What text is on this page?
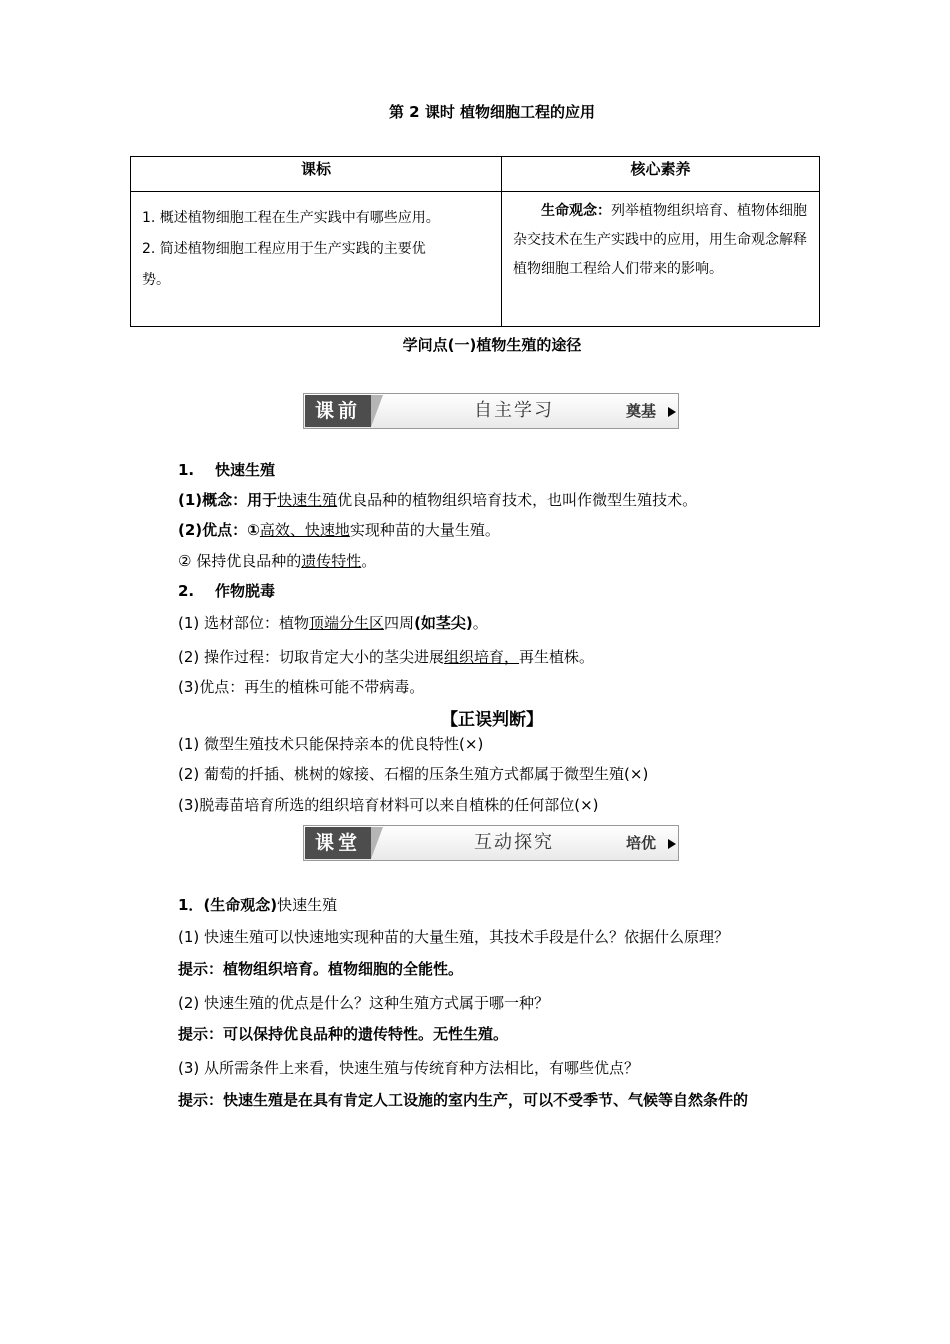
第 2 课时 植物细胞工程的应用
课标	核心素养

1. 概述植物细胞工程在生产实践中有哪些应用。
2. 简述植物细胞工程应用于生产实践的主要优
势。	生命观念：列举植物组织培育、植物体细胞杂交技术在生产实践中的应用，用生命观念解释植物细胞工程给人们带来的影响。
学问点(一)植物生殖的途径
课前	自主学习	奠基
1. 快速生殖
(1)概念：用于快速生殖优良品种的植物组织培育技术，也叫作微型生殖技术。
(2)优点：①高效、快速地实现种苗的大量生殖。
② 保持优良品种的遗传特性。
2. 作物脱毒
(1) 选材部位：植物顶端分生区四周(如茎尖)。
(2) 操作过程：切取肯定大小的茎尖进展组织培育，再生植株。
(3)优点：再生的植株可能不带病毒。
【正误判断】
(1) 微型生殖技术只能保持亲本的优良特性(×)
(2) 葡萄的扦插、桃树的嫁接、石榴的压条生殖方式都属于微型生殖(×)
(3)脱毒苗培育所选的组织培育材料可以来自植株的任何部位(×)
课堂	互动探究	培优
1．(生命观念)快速生殖
(1) 快速生殖可以快速地实现种苗的大量生殖，其技术手段是什么？依据什么原理？
提示：植物组织培育。植物细胞的全能性。
(2) 快速生殖的优点是什么？这种生殖方式属于哪一种？
提示：可以保持优良品种的遗传特性。无性生殖。
(3) 从所需条件上来看，快速生殖与传统育种方法相比，有哪些优点？
提示：快速生殖是在具有肯定人工设施的室内生产，可以不受季节、气候等自然条件的
